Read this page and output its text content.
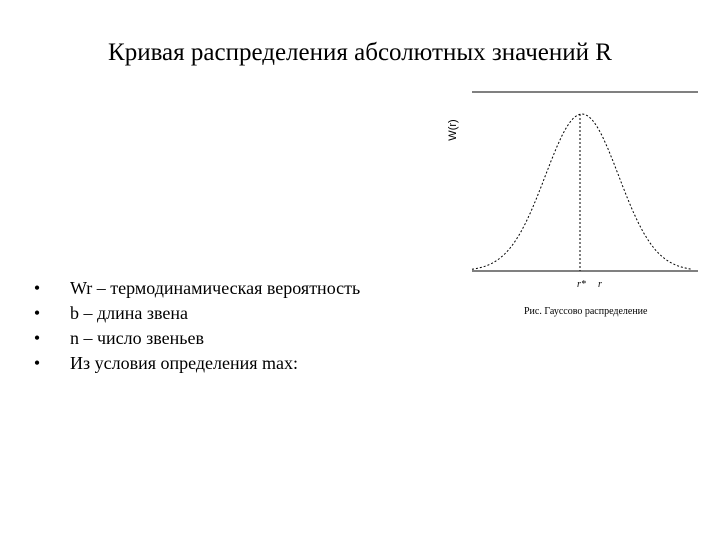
Кривая распределения абсолютных значений R
• Wr – термодинамическая вероятность
• b – длина звена
• n – число звеньев
• Из условия определения max:
W(r)
r* r
Рис. Гауссово распределение
